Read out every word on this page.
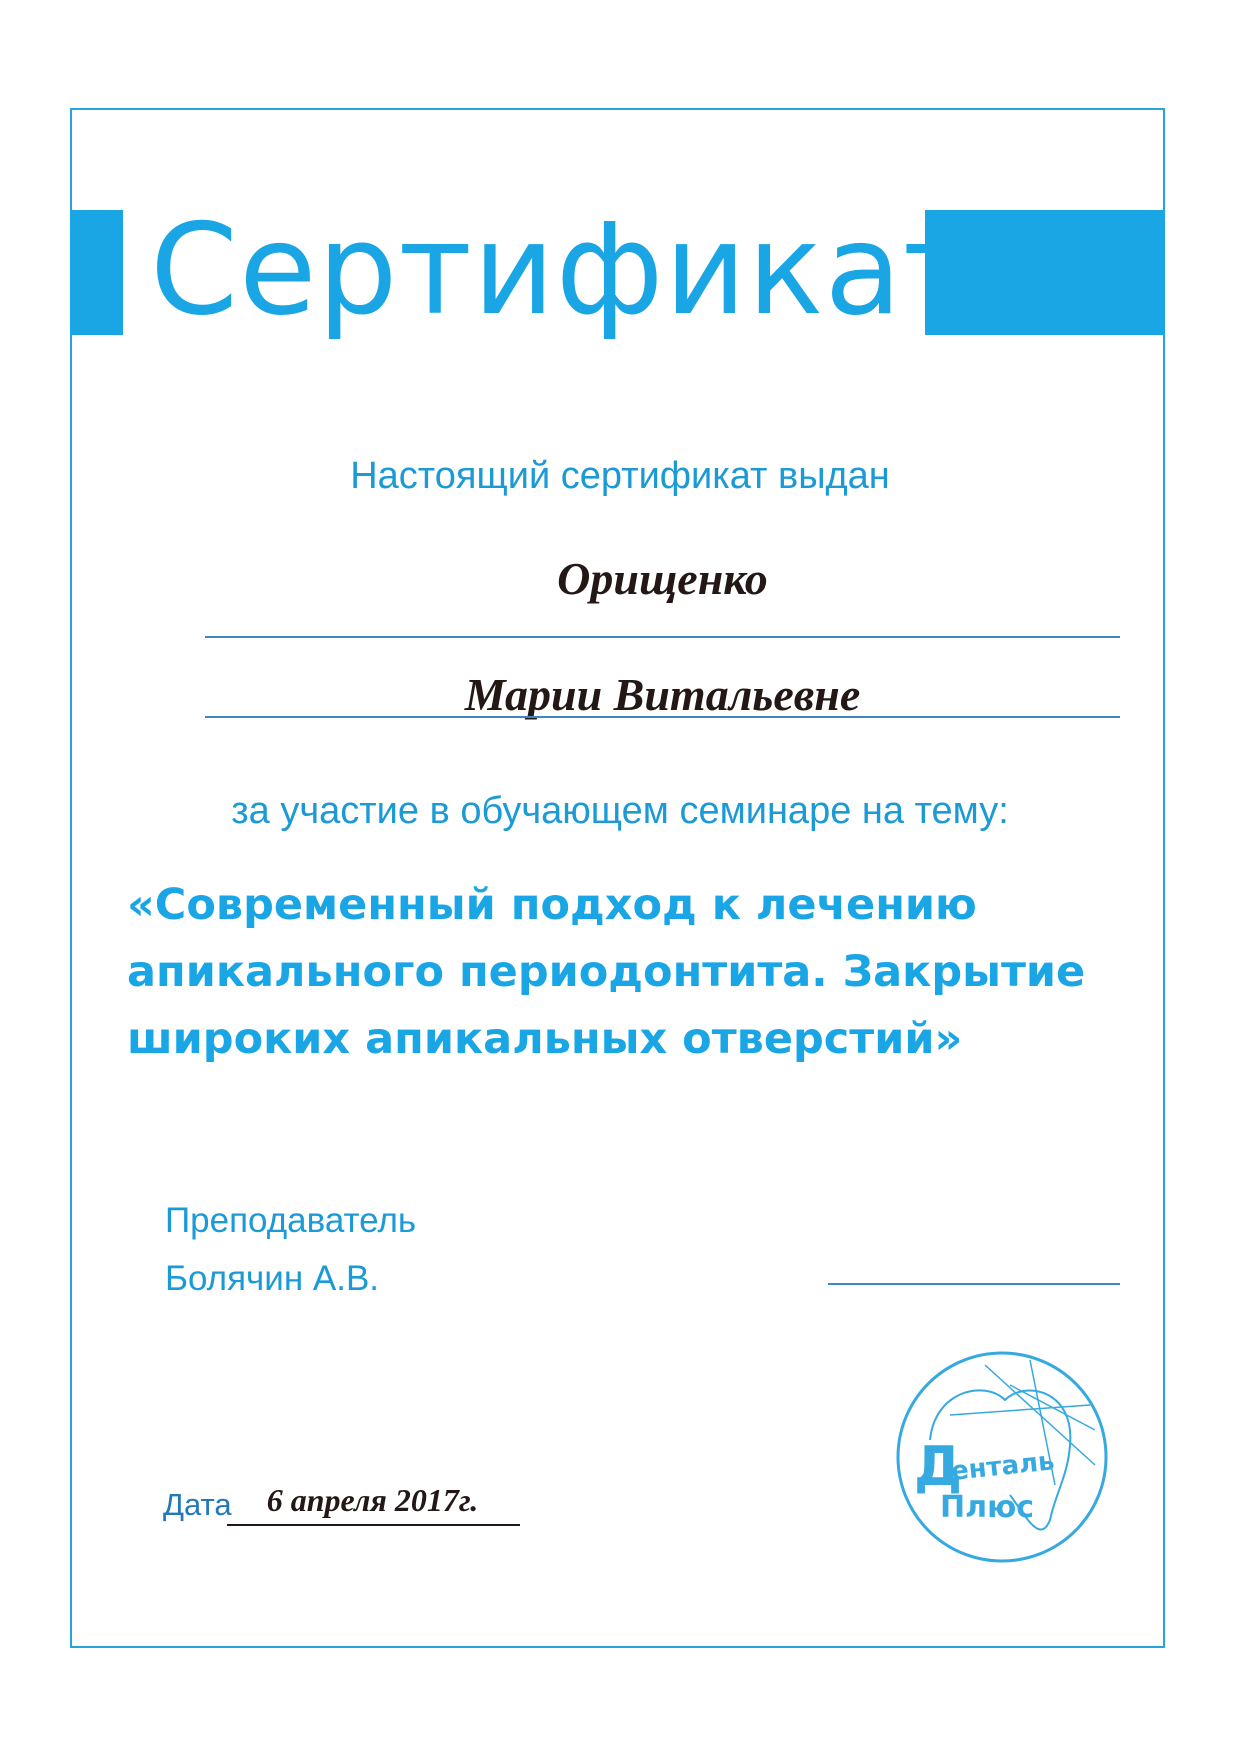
Сертификат
Настоящий сертификат выдан
Орищенко
Марии Витальевне
за участие в обучающем семинаре на тему:
«Современный подход к лечению
апикального периодонтита. Закрытие
широких апикальных отверстий»
Преподаватель
Болячин А.В.
Дата	6 апреля 2017г.
Д
енталь
Плюс
